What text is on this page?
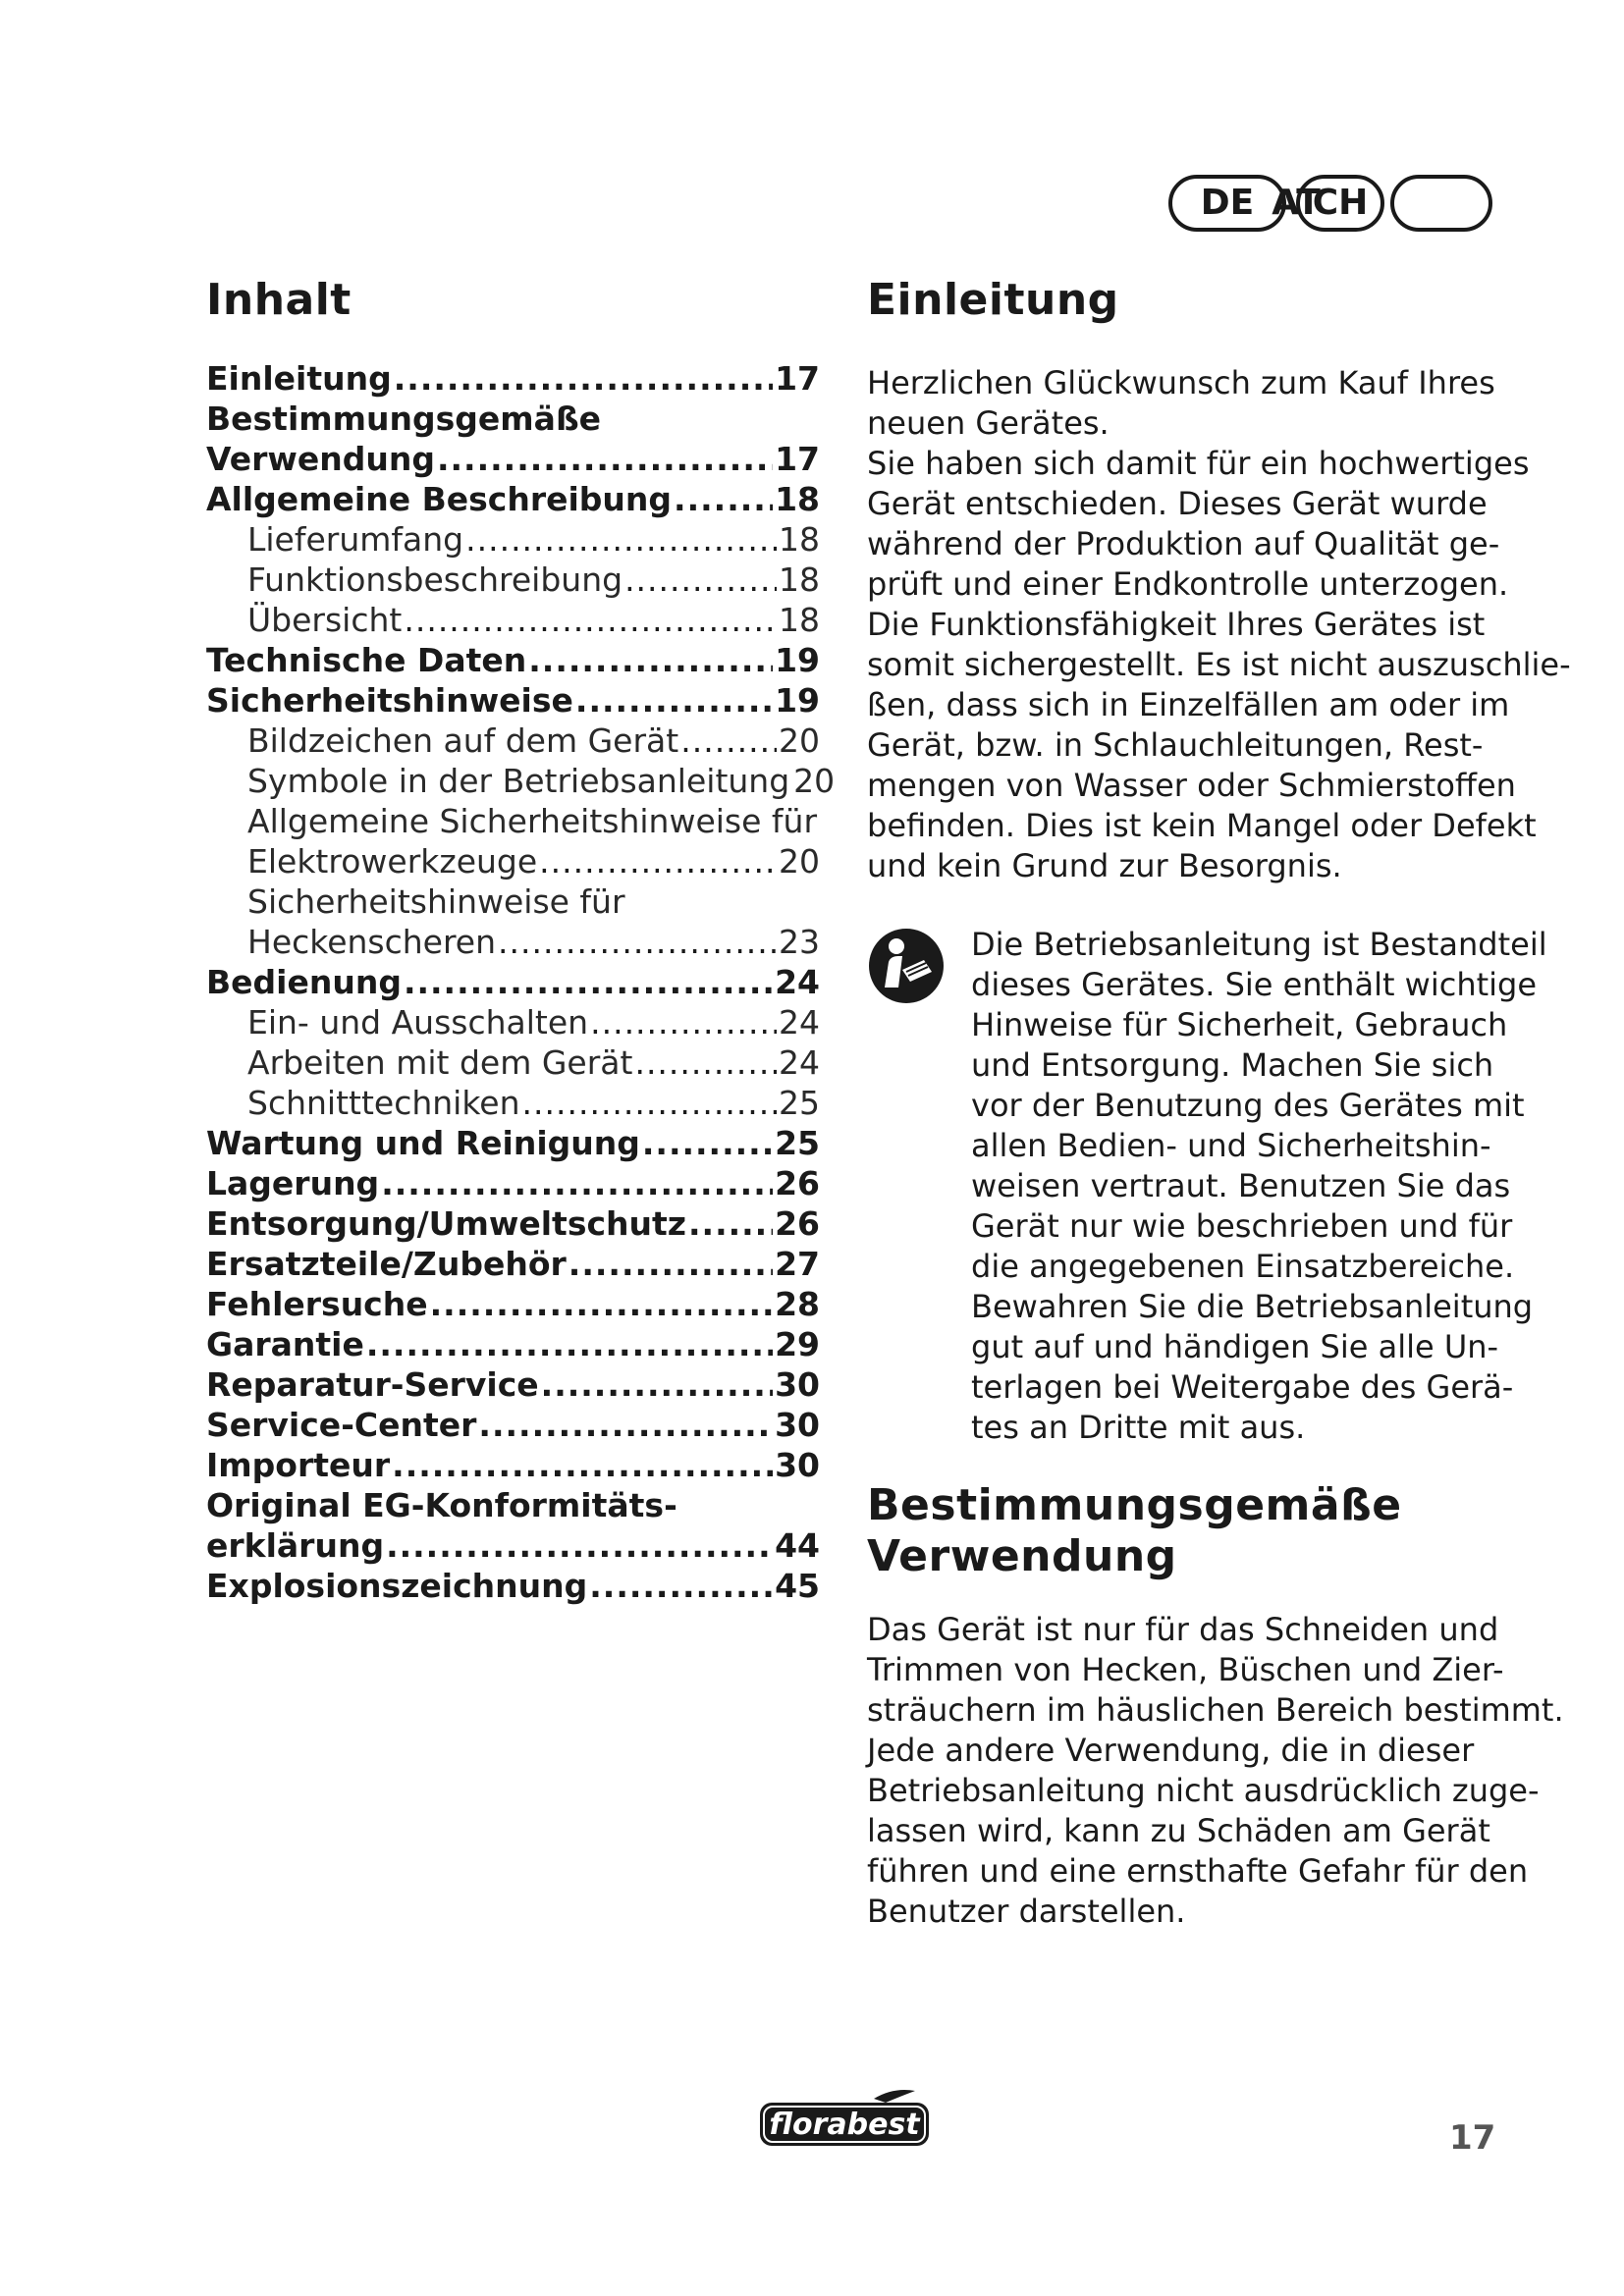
DE AT
CH
Inhalt
Einleitung .....	17
Bestimmungsgemäße
Verwendung .....	17
Allgemeine Beschreibung .....	18
Lieferumfang .....	18
Funktionsbeschreibung .....	18
Übersicht .....	18
Technische Daten .....	19
Sicherheitshinweise .....	19
Bildzeichen auf dem Gerät .....	20
Symbole in der Betriebsanleitung 20
Allgemeine Sicherheitshinweise für
Elektrowerkzeuge .....	20
Sicherheitshinweise für
Heckenscheren .....	23
Bedienung .....	24
Ein- und Ausschalten .....	24
Arbeiten mit dem Gerät .....	24
Schnitttechniken .....	25
Wartung und Reinigung .....	25
Lagerung .....	26
Entsorgung/Umweltschutz .....	26
Ersatzteile/Zubehör .....	27
Fehlersuche .....	28
Garantie .....	29
Reparatur-Service .....	30
Service-Center .....	30
Importeur .....	30
Original EG-Konformitäts-
erklärung .....	44
Explosionszeichnung .....	45
Einleitung

Herzlichen Glückwunsch zum Kauf Ihres
neuen Gerätes.
Sie haben sich damit für ein hochwertiges
Gerät entschieden. Dieses Gerät wurde
während der Produktion auf Qualität ge-
prüft und einer Endkontrolle unterzogen.
Die Funktionsfähigkeit Ihres Gerätes ist
somit sichergestellt. Es ist nicht auszuschlie-
ßen, dass sich in Einzelfällen am oder im
Gerät, bzw. in Schlauchleitungen, Rest-
mengen von Wasser oder Schmierstoffen
befinden. Dies ist kein Mangel oder Defekt
und kein Grund zur Besorgnis.

Die Betriebsanleitung ist Bestandteil
dieses Gerätes. Sie enthält wichtige
Hinweise für Sicherheit, Gebrauch
und Entsorgung. Machen Sie sich
vor der Benutzung des Gerätes mit
allen Bedien- und Sicherheitshin-
weisen vertraut. Benutzen Sie das
Gerät nur wie beschrieben und für
die angegebenen Einsatzbereiche.
Bewahren Sie die Betriebsanleitung
gut auf und händigen Sie alle Un-
terlagen bei Weitergabe des Gerä-
tes an Dritte mit aus.

Bestimmungsgemäße
Verwendung

Das Gerät ist nur für das Schneiden und
Trimmen von Hecken, Büschen und Zier-
sträuchern im häuslichen Bereich bestimmt.
Jede andere Verwendung, die in dieser
Betriebsanleitung nicht ausdrücklich zuge-
lassen wird, kann zu Schäden am Gerät
führen und eine ernsthafte Gefahr für den
Benutzer darstellen.

florabest	17
